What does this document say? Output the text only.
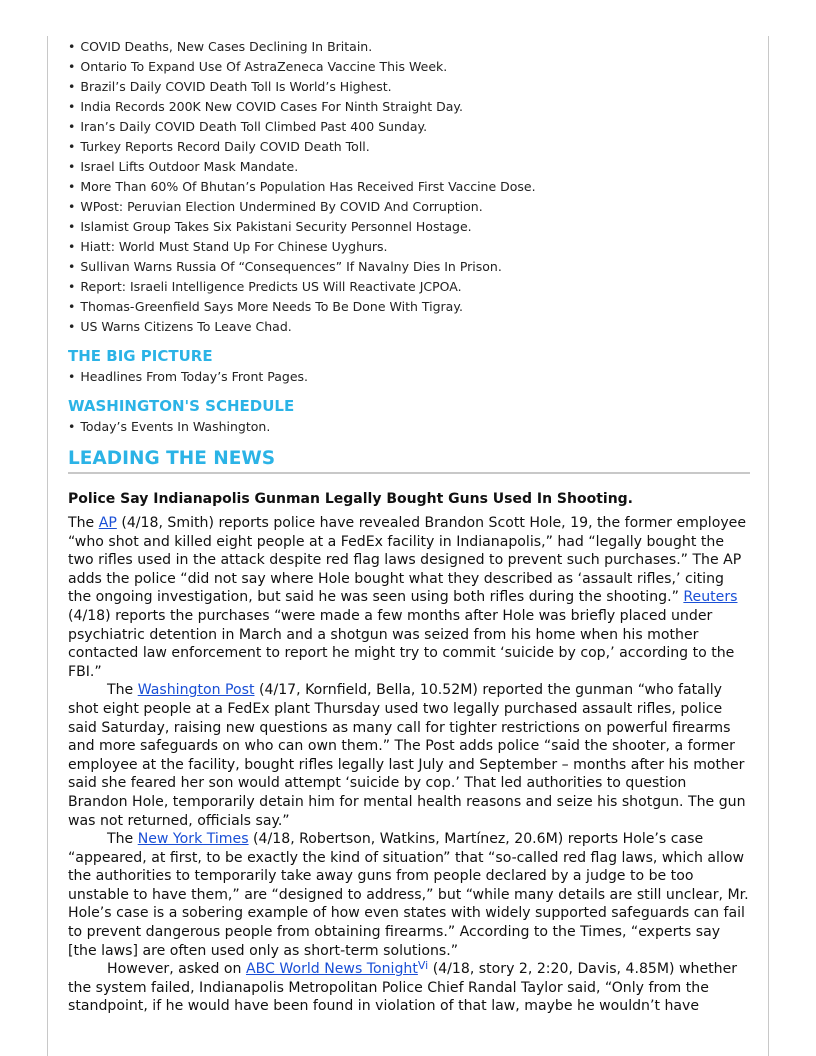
• COVID Deaths, New Cases Declining In Britain.
• Ontario To Expand Use Of AstraZeneca Vaccine This Week.
• Brazil’s Daily COVID Death Toll Is World’s Highest.
• India Records 200K New COVID Cases For Ninth Straight Day.
• Iran’s Daily COVID Death Toll Climbed Past 400 Sunday.
• Turkey Reports Record Daily COVID Death Toll.
• Israel Lifts Outdoor Mask Mandate.
• More Than 60% Of Bhutan’s Population Has Received First Vaccine Dose.
• WPost: Peruvian Election Undermined By COVID And Corruption.
• Islamist Group Takes Six Pakistani Security Personnel Hostage.
• Hiatt: World Must Stand Up For Chinese Uyghurs.
• Sullivan Warns Russia Of “Consequences” If Navalny Dies In Prison.
• Report: Israeli Intelligence Predicts US Will Reactivate JCPOA.
• Thomas-Greenfield Says More Needs To Be Done With Tigray.
• US Warns Citizens To Leave Chad.
THE BIG PICTURE
• Headlines From Today’s Front Pages.
WASHINGTON'S SCHEDULE
• Today’s Events In Washington.
LEADING THE NEWS
Police Say Indianapolis Gunman Legally Bought Guns Used In Shooting.

The AP (4/18, Smith) reports police have revealed Brandon Scott Hole, 19, the former employee “who shot and killed eight people at a FedEx facility in Indianapolis,” had “legally bought the two rifles used in the attack despite red flag laws designed to prevent such purchases.” The AP adds the police “did not say where Hole bought what they described as ‘assault rifles,’ citing the ongoing investigation, but said he was seen using both rifles during the shooting.” Reuters (4/18) reports the purchases “were made a few months after Hole was briefly placed under psychiatric detention in March and a shotgun was seized from his home when his mother contacted law enforcement to report he might try to commit ‘suicide by cop,’ according to the FBI.”

The Washington Post (4/17, Kornfield, Bella, 10.52M) reported the gunman “who fatally shot eight people at a FedEx plant Thursday used two legally purchased assault rifles, police said Saturday, raising new questions as many call for tighter restrictions on powerful firearms and more safeguards on who can own them.” The Post adds police “said the shooter, a former employee at the facility, bought rifles legally last July and September – months after his mother said she feared her son would attempt ‘suicide by cop.’ That led authorities to question Brandon Hole, temporarily detain him for mental health reasons and seize his shotgun. The gun was not returned, officials say.”

The New York Times (4/18, Robertson, Watkins, Martínez, 20.6M) reports Hole’s case “appeared, at first, to be exactly the kind of situation” that “so-called red flag laws, which allow the authorities to temporarily take away guns from people declared by a judge to be too unstable to have them,” are “designed to address,” but “while many details are still unclear, Mr. Hole’s case is a sobering example of how even states with widely supported safeguards can fail to prevent dangerous people from obtaining firearms.” According to the Times, “experts say [the laws] are often used only as short-term solutions.”

However, asked on ABC World News Tonight$^{Vi}$ (4/18, story 2, 2:20, Davis, 4.85M) whether the system failed, Indianapolis Metropolitan Police Chief Randal Taylor said, “Only from the standpoint, if he would have been found in violation of that law, maybe he wouldn’t have
